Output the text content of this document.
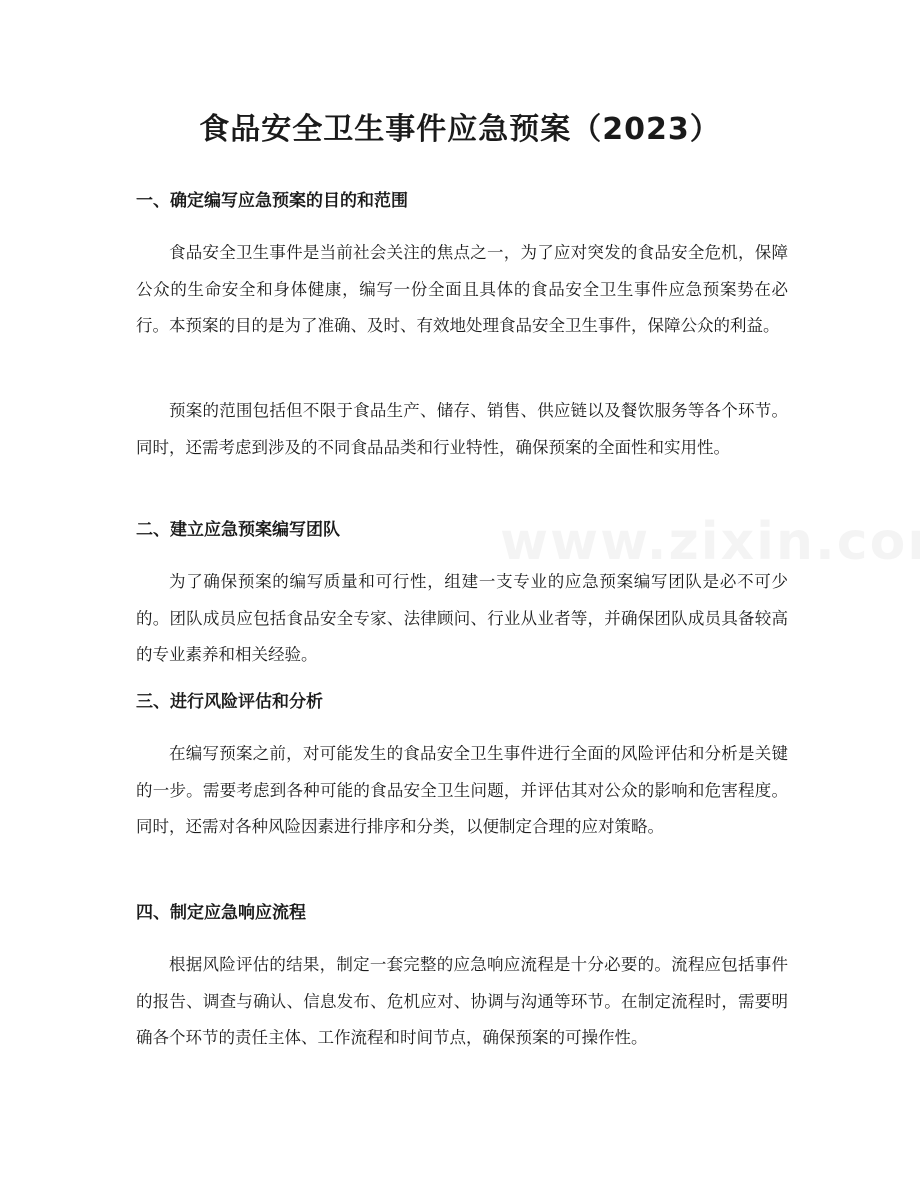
食品安全卫生事件应急预案（2023）
一、确定编写应急预案的目的和范围

食品安全卫生事件是当前社会关注的焦点之一，为了应对突发的食品安全危机，保障公众的生命安全和身体健康，编写一份全面且具体的食品安全卫生事件应急预案势在必行。本预案的目的是为了准确、及时、有效地处理食品安全卫生事件，保障公众的利益。

预案的范围包括但不限于食品生产、储存、销售、供应链以及餐饮服务等各个环节。同时，还需考虑到涉及的不同食品品类和行业特性，确保预案的全面性和实用性。

二、建立应急预案编写团队

为了确保预案的编写质量和可行性，组建一支专业的应急预案编写团队是必不可少的。团队成员应包括食品安全专家、法律顾问、行业从业者等，并确保团队成员具备较高的专业素养和相关经验。

三、进行风险评估和分析

在编写预案之前，对可能发生的食品安全卫生事件进行全面的风险评估和分析是关键的一步。需要考虑到各种可能的食品安全卫生问题，并评估其对公众的影响和危害程度。同时，还需对各种风险因素进行排序和分类，以便制定合理的应对策略。

四、制定应急响应流程

根据风险评估的结果，制定一套完整的应急响应流程是十分必要的。流程应包括事件的报告、调查与确认、信息发布、危机应对、协调与沟通等环节。在制定流程时，需要明确各个环节的责任主体、工作流程和时间节点，确保预案的可操作性。
